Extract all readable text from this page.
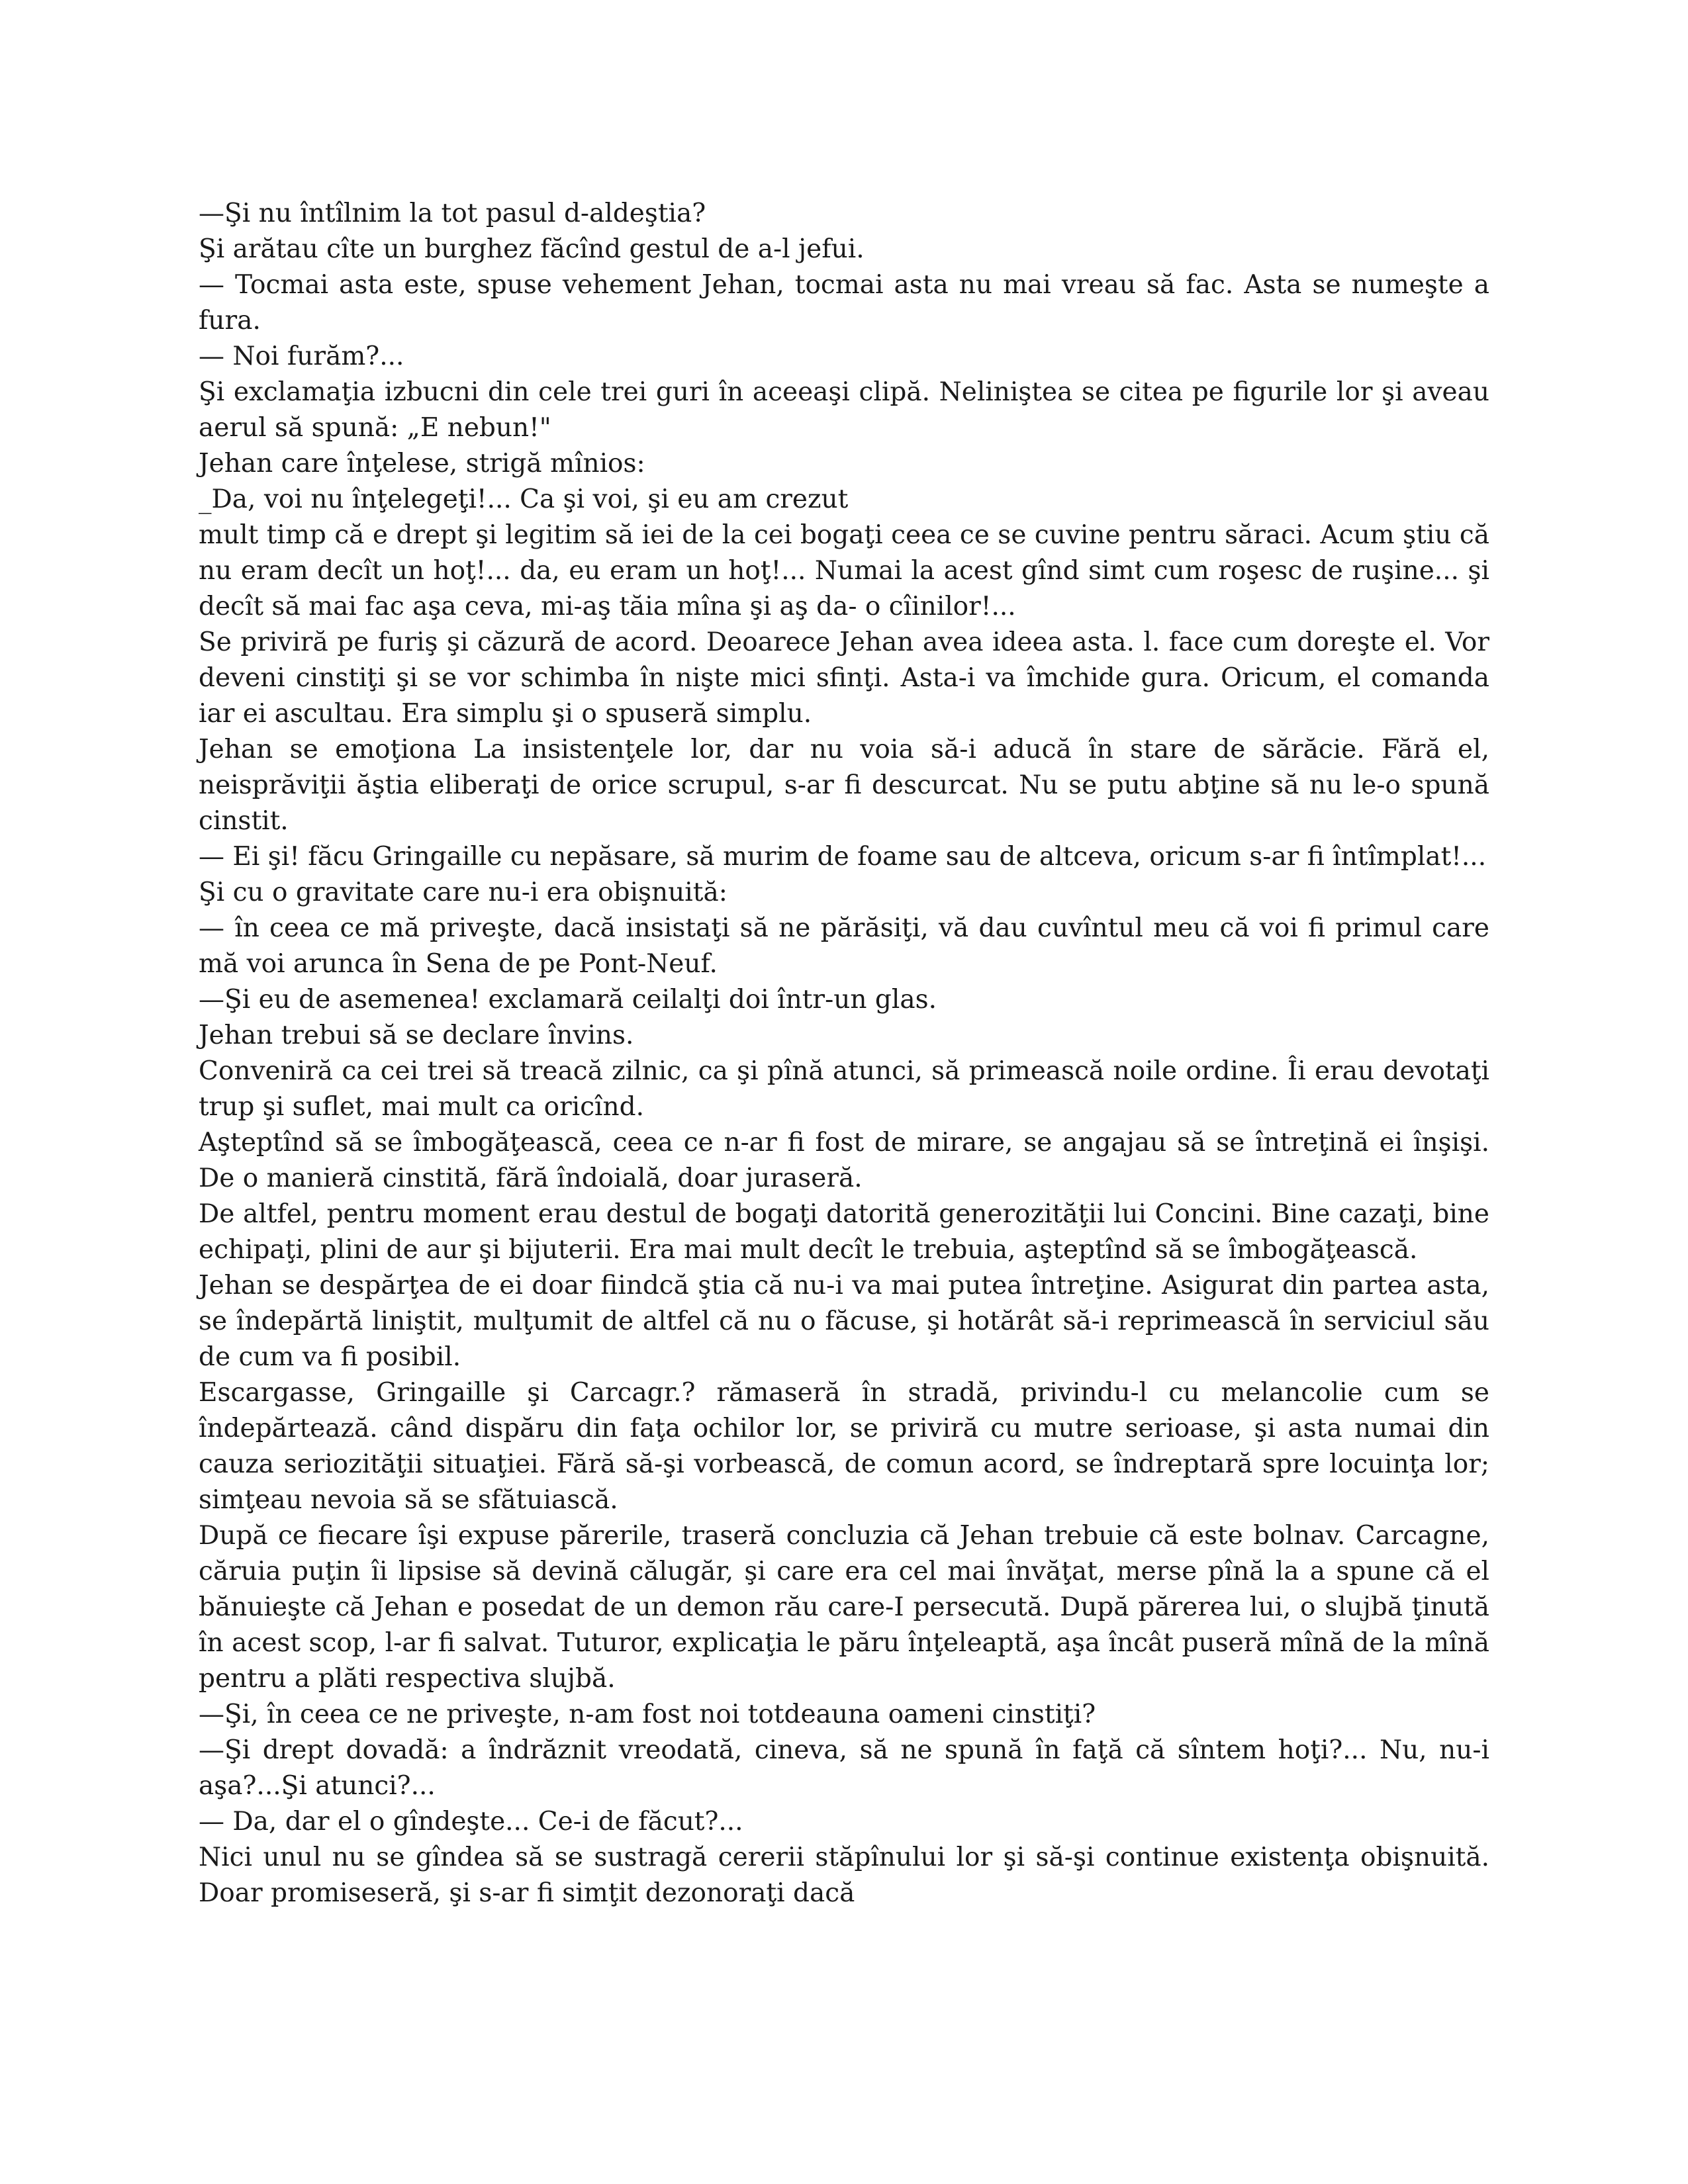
—Şi nu întîlnim la tot pasul d-aldeştia?

Şi arătau cîte un burghez făcînd gestul de a-l jefui.

— Tocmai asta este, spuse vehement Jehan, tocmai asta nu mai vreau să fac. Asta se numeşte a fura.

— Noi furăm?...

Şi exclamaţia izbucni din cele trei guri în aceeaşi clipă. Neliniştea se citea pe figurile lor şi aveau aerul să spună: „E nebun!"

Jehan care înţelese, strigă mînios:

_Da, voi nu înţelegeţi!... Ca şi voi, şi eu am crezut

mult timp că e drept şi legitim să iei de la cei bogaţi ceea ce se cuvine pentru săraci. Acum ştiu că nu eram decît un hoţ!... da, eu eram un hoţ!... Numai la acest gînd simt cum roşesc de ruşine... şi decît să mai fac aşa ceva, mi-aş tăia mîna şi aş da- o cîinilor!...

Se priviră pe furiş şi căzură de acord. Deoarece Jehan avea ideea asta. l. face cum doreşte el. Vor deveni cinstiţi şi se vor schimba în nişte mici sfinţi. Asta-i va îmchide gura. Oricum, el comanda iar ei ascultau. Era simplu şi o spuseră simplu.

Jehan se emoţiona La insistenţele lor, dar nu voia să-i aducă în stare de sărăcie. Fără el, neisprăviţii ăştia eliberaţi de orice scrupul, s-ar fi descurcat. Nu se putu abţine să nu le-o spună cinstit.

— Ei şi! făcu Gringaille cu nepăsare, să murim de foame sau de altceva, oricum s-ar fi întîmplat!...

Şi cu o gravitate care nu-i era obişnuită:

— în ceea ce mă priveşte, dacă insistaţi să ne părăsiţi, vă dau cuvîntul meu că voi fi primul care mă voi arunca în Sena de pe Pont-Neuf.

—Şi eu de asemenea! exclamară ceilalţi doi într-un glas.

Jehan trebui să se declare învins.

Conveniră ca cei trei să treacă zilnic, ca şi pînă atunci, să primească noile ordine. Îi erau devotaţi trup şi suflet, mai mult ca oricînd.

Aşteptînd să se îmbogăţească, ceea ce n-ar fi fost de mirare, se angajau să se întreţină ei înşişi. De o manieră cinstită, fără îndoială, doar juraseră.

De altfel, pentru moment erau destul de bogaţi datorită generozităţii lui Concini. Bine cazaţi, bine echipaţi, plini de aur şi bijuterii. Era mai mult decît le trebuia, aşteptînd să se îmbogăţească.

Jehan se despărţea de ei doar fiindcă ştia că nu-i va mai putea întreţine. Asigurat din partea asta, se îndepărtă liniştit, mulţumit de altfel că nu o făcuse, şi hotărât să-i reprimească în serviciul său de cum va fi posibil.

Escargasse, Gringaille şi Carcagr.? rămaseră în stradă, privindu-l cu melancolie cum se îndepărtează. când dispăru din faţa ochilor lor, se priviră cu mutre serioase, şi asta numai din cauza seriozităţii situaţiei. Fără să-şi vorbească, de comun acord, se îndreptară spre locuinţa lor; simţeau nevoia să se sfătuiască.

După ce fiecare îşi expuse părerile, traseră concluzia că Jehan trebuie că este bolnav. Carcagne, căruia puţin îi lipsise să devină călugăr, şi care era cel mai învăţat, merse pînă la a spune că el bănuieşte că Jehan e posedat de un demon rău care-I persecută. După părerea lui, o slujbă ţinută în acest scop, l-ar fi salvat. Tuturor, explicaţia le păru înţeleaptă, aşa încât puseră mînă de la mînă pentru a plăti respectiva slujbă.

—Şi, în ceea ce ne priveşte, n-am fost noi totdeauna oameni cinstiţi?

—Şi drept dovadă: a îndrăznit vreodată, cineva, să ne spună în faţă că sîntem hoţi?... Nu, nu-i aşa?...Şi atunci?...

— Da, dar el o gîndeşte... Ce-i de făcut?...

Nici unul nu se gîndea să se sustragă cererii stăpînului lor şi să-şi continue existenţa obişnuită. Doar promiseseră, şi s-ar fi simţit dezonoraţi dacă
